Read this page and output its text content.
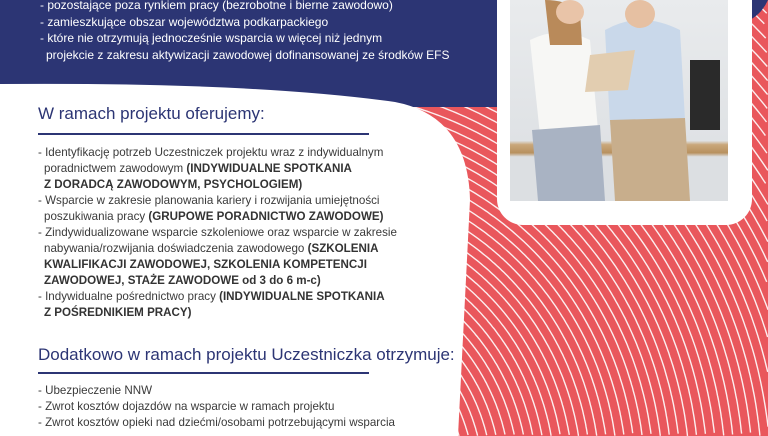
- pozostające poza rynkiem pracy (bezrobotne i bierne zawodowo)
- zamieszkujące obszar województwa podkarpackiego
- które nie otrzymują jednocześnie wsparcia w więcej niż jednym
projekcie z zakresu aktywizacji zawodowej dofinansowanej ze środków EFS
W ramach projektu oferujemy:
- Identyfikację potrzeb Uczestniczek projektu wraz z indywidualnym
poradnictwem zawodowym (INDYWIDUALNE SPOTKANIA
Z DORADCĄ ZAWODOWYM, PSYCHOLOGIEM)
- Wsparcie w zakresie planowania kariery i rozwijania umiejętności
poszukiwania pracy (GRUPOWE PORADNICTWO ZAWODOWE)
- Zindywidualizowane wsparcie szkoleniowe oraz wsparcie w zakresie
nabywania/rozwijania doświadczenia zawodowego (SZKOLENIA
KWALIFIKACJI ZAWODOWEJ, SZKOLENIA KOMPETENCJI
ZAWODOWEJ, STAŻE ZAWODOWE od 3 do 6 m-c)
- Indywidualne pośrednictwo pracy (INDYWIDUALNE SPOTKANIA
Z POŚREDNIKIEM PRACY)
Dodatkowo w ramach projektu Uczestniczka otrzymuje:
- Ubezpieczenie NNW
- Zwrot kosztów dojazdów na wsparcie w ramach projektu
- Zwrot kosztów opieki nad dziećmi/osobami potrzebującymi wsparcia
